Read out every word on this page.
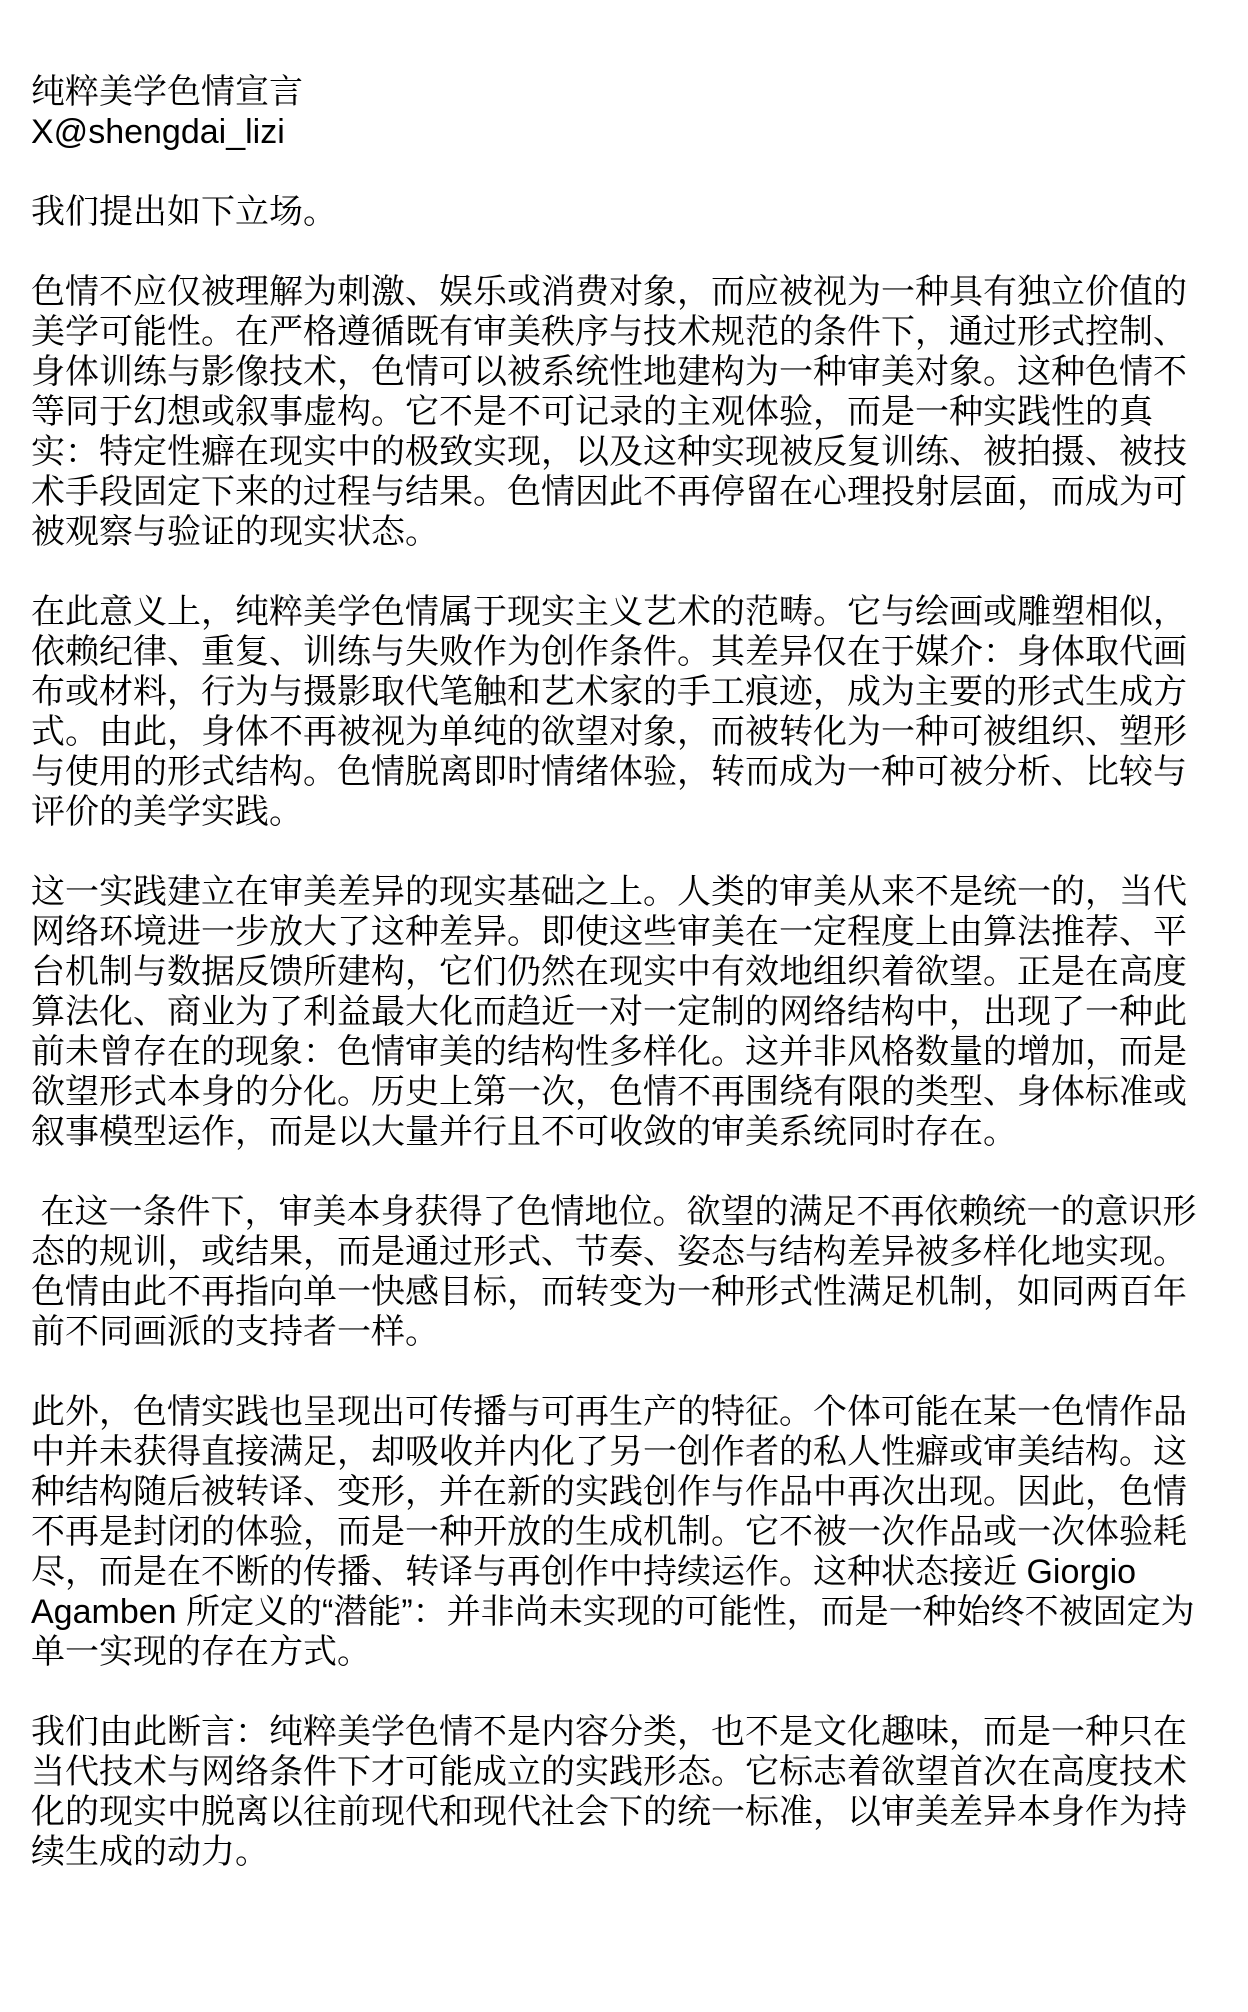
纯粹美学色情宣言
X@shengdai_lizi
我们提出如下立场。
色情不应仅被理解为刺激、娱乐或消费对象，而应被视为一种具有独立价值的
美学可能性。在严格遵循既有审美秩序与技术规范的条件下，通过形式控制、
身体训练与影像技术，色情可以被系统性地建构为一种审美对象。这种色情不
等同于幻想或叙事虚构。它不是不可记录的主观体验，而是一种实践性的真
实：特定性癖在现实中的极致实现，以及这种实现被反复训练、被拍摄、被技
术手段固定下来的过程与结果。色情因此不再停留在心理投射层面，而成为可
被观察与验证的现实状态。
在此意义上，纯粹美学色情属于现实主义艺术的范畴。它与绘画或雕塑相似，
依赖纪律、重复、训练与失败作为创作条件。其差异仅在于媒介：身体取代画
布或材料，行为与摄影取代笔触和艺术家的手工痕迹，成为主要的形式生成方
式。由此，身体不再被视为单纯的欲望对象，而被转化为一种可被组织、塑形
与使用的形式结构。色情脱离即时情绪体验，转而成为一种可被分析、比较与
评价的美学实践。
这一实践建立在审美差异的现实基础之上。人类的审美从来不是统一的，当代
网络环境进一步放大了这种差异。即使这些审美在一定程度上由算法推荐、平
台机制与数据反馈所建构，它们仍然在现实中有效地组织着欲望。正是在高度
算法化、商业为了利益最大化而趋近一对一定制的网络结构中，出现了一种此
前未曾存在的现象：色情审美的结构性多样化。这并非风格数量的增加，而是
欲望形式本身的分化。历史上第一次，色情不再围绕有限的类型、身体标准或
叙事模型运作，而是以大量并行且不可收敛的审美系统同时存在。
在这一条件下，审美本身获得了色情地位。欲望的满足不再依赖统一的意识形
态的规训，或结果，而是通过形式、节奏、姿态与结构差异被多样化地实现。
色情由此不再指向单一快感目标，而转变为一种形式性满足机制，如同两百年
前不同画派的支持者一样。
此外，色情实践也呈现出可传播与可再生产的特征。个体可能在某一色情作品
中并未获得直接满足，却吸收并内化了另一创作者的私人性癖或审美结构。这
种结构随后被转译、变形，并在新的实践创作与作品中再次出现。因此，色情
不再是封闭的体验，而是一种开放的生成机制。它不被一次作品或一次体验耗
尽，而是在不断的传播、转译与再创作中持续运作。这种状态接近 Giorgio
Agamben 所定义的“潜能”：并非尚未实现的可能性，而是一种始终不被固定为
单一实现的存在方式。
我们由此断言：纯粹美学色情不是内容分类，也不是文化趣味，而是一种只在
当代技术与网络条件下才可能成立的实践形态。它标志着欲望首次在高度技术
化的现实中脱离以往前现代和现代社会下的统一标准，以审美差异本身作为持
续生成的动力。
